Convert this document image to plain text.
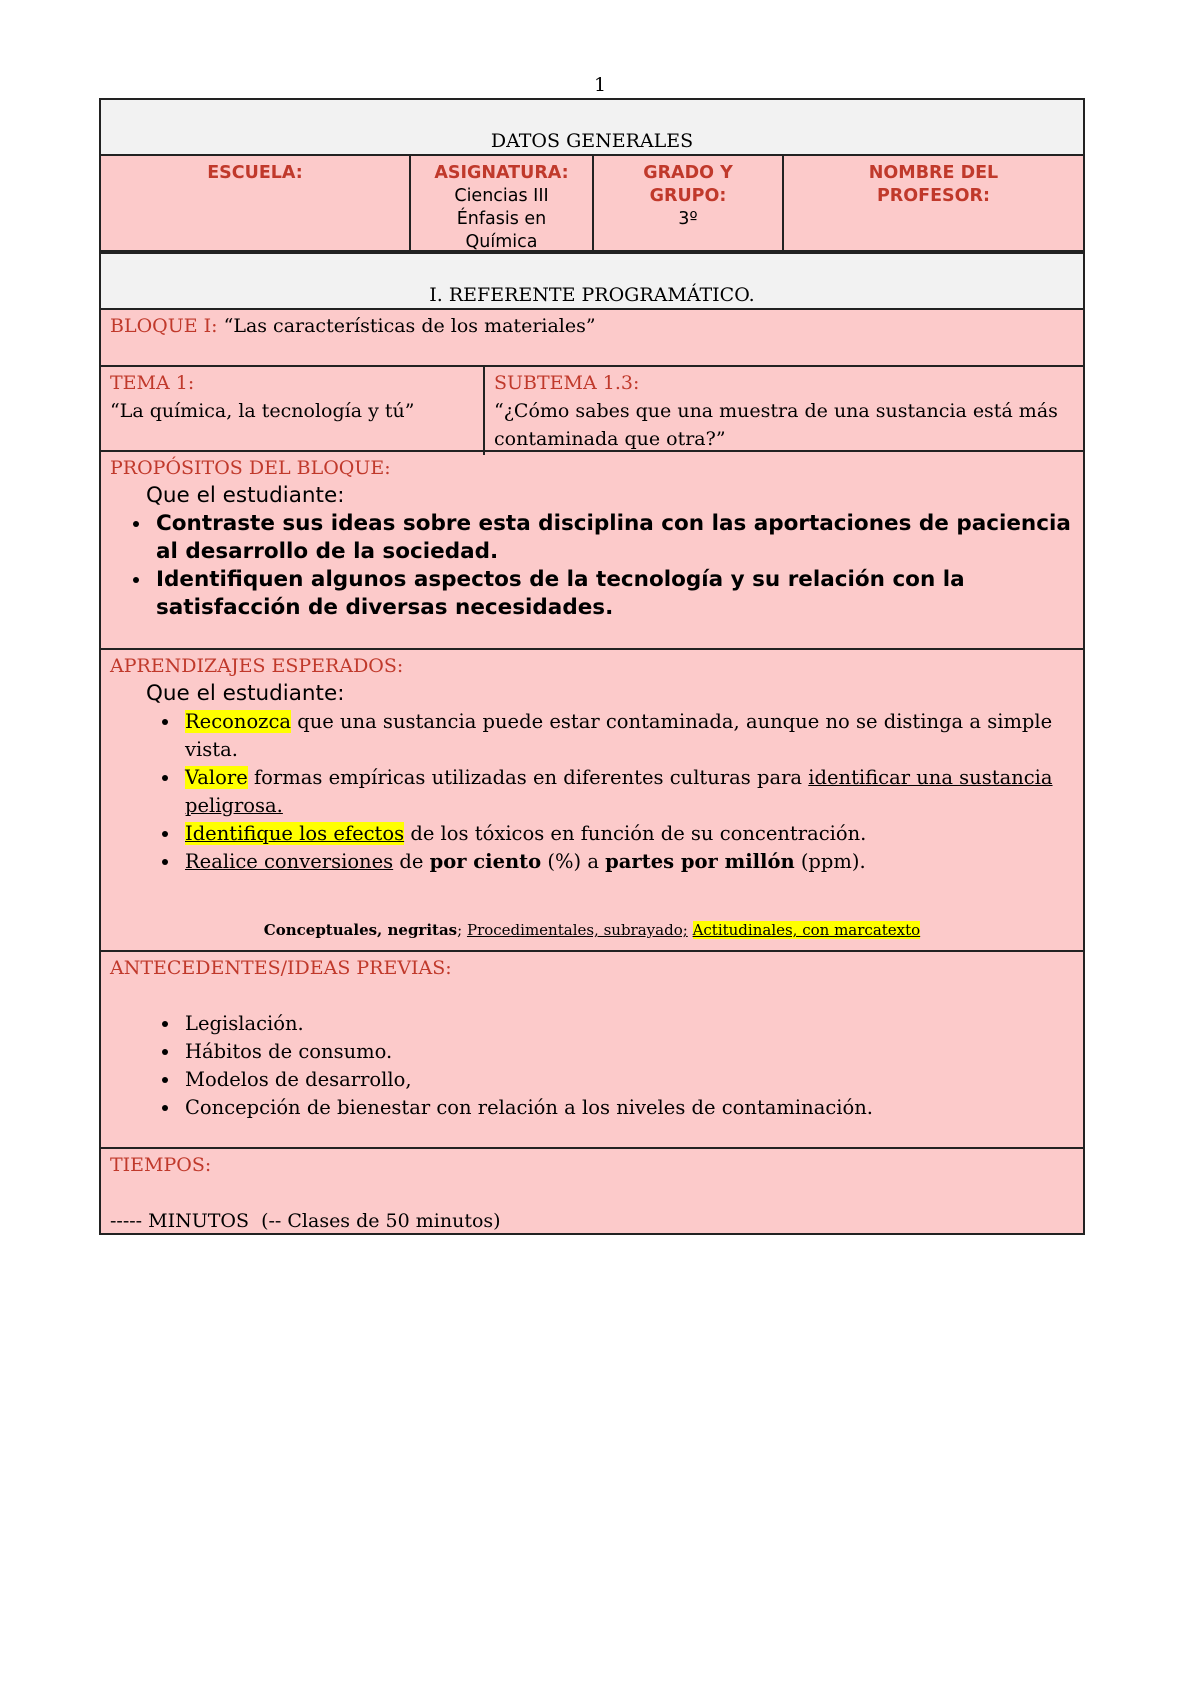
1
DATOS GENERALES
ESCUELA:	ASIGNATURA:
Ciencias III
Énfasis en
Química
GRADO Y
GRUPO:
3º
NOMBRE DEL
PROFESOR:
I. REFERENTE PROGRAMÁTICO.
BLOQUE I: “Las características de los materiales”
TEMA 1:
“La química, la tecnología y tú”
SUBTEMA 1.3:
“¿Cómo sabes que una muestra de una sustancia está más contaminada que otra?”
PROPÓSITOS DEL BLOQUE:
Que el estudiante:
• Contraste sus ideas sobre esta disciplina con las aportaciones de paciencia al desarrollo de la sociedad.
• Identifiquen algunos aspectos de la tecnología y su relación con la satisfacción de diversas necesidades.
APRENDIZAJES ESPERADOS:
Que el estudiante:
• Reconozca que una sustancia puede estar contaminada, aunque no se distinga a simple vista.
• Valore formas empíricas utilizadas en diferentes culturas para identificar una sustancia peligrosa.
• Identifique los efectos de los tóxicos en función de su concentración.
• Realice conversiones de por ciento (%) a partes por millón (ppm).
Conceptuales, negritas; Procedimentales, subrayado; Actitudinales, con marcatexto
ANTECEDENTES/IDEAS PREVIAS:
• Legislación.
• Hábitos de consumo.
• Modelos de desarrollo,
• Concepción de bienestar con relación a los niveles de contaminación.
TIEMPOS:
----- MINUTOS  (-- Clases de 50 minutos)
